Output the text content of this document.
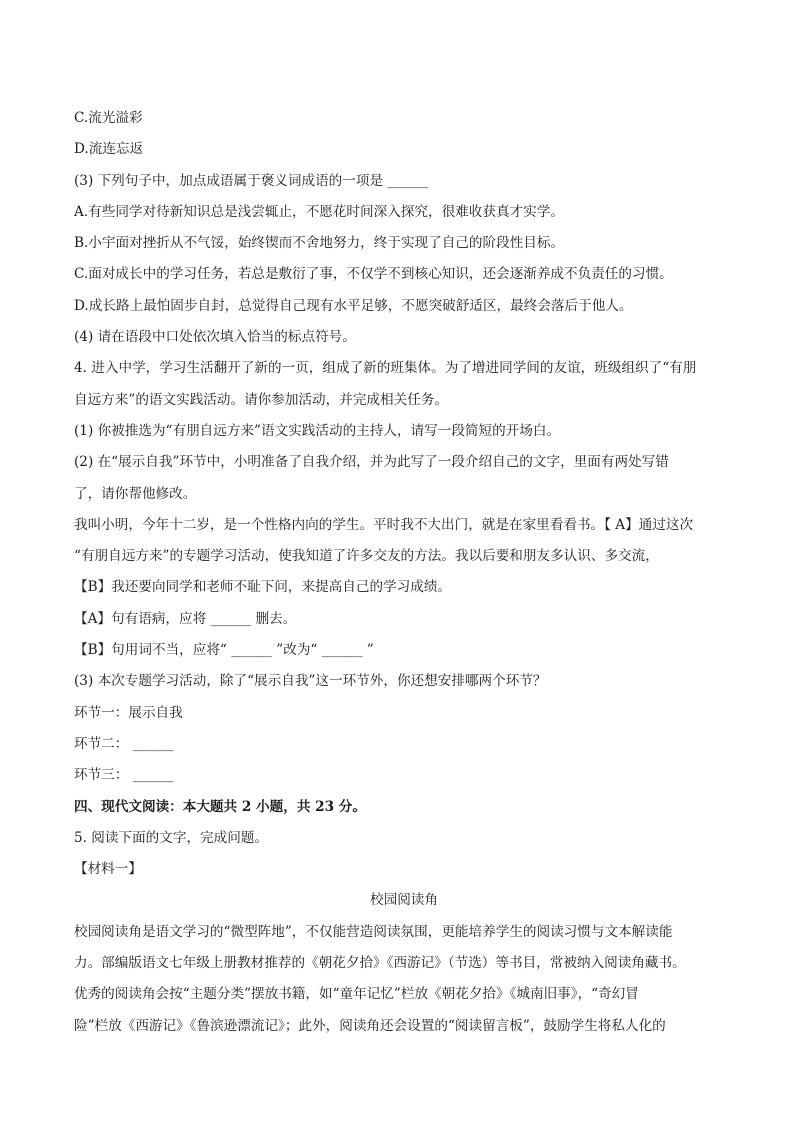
C.流光溢彩
D.流连忘返
(3) 下列句子中，加点成语属于褒义词成语的一项是 ______
A.有些同学对待新知识总是浅尝辄止，不愿花时间深入探究，很难收获真才实学。
B.小宇面对挫折从不气馁，始终锲而不舍地努力，终于实现了自己的阶段性目标。
C.面对成长中的学习任务，若总是敷衍了事，不仅学不到核心知识，还会逐渐养成不负责任的习惯。
D.成长路上最怕固步自封，总觉得自己现有水平足够，不愿突破舒适区，最终会落后于他人。
(4) 请在语段中口处依次填入恰当的标点符号。
4. 进入中学，学习生活翻开了新的一页，组成了新的班集体。为了增进同学间的友谊，班级组织了“有朋
自远方来”的语文实践活动。请你参加活动，并完成相关任务。
(1) 你被推选为“有朋自远方来”语文实践活动的主持人，请写一段简短的开场白。
(2) 在“展示自我”环节中，小明准备了自我介绍，并为此写了一段介绍自己的文字，里面有两处写错
了，请你帮他修改。
我叫小明，今年十二岁，是一个性格内向的学生。平时我不大出门，就是在家里看看书。【 A】通过这次
“有朋自远方来”的专题学习活动，使我知道了许多交友的方法。我以后要和朋友多认识、多交流，
【B】我还要向同学和老师不耻下问，来提高自己的学习成绩。
【A】句有语病，应将 ______ 删去。
【B】句用词不当，应将“ ______ ”改为“ ______ ”
(3) 本次专题学习活动，除了“展示自我”这一环节外，你还想安排哪两个环节？
环节一：展示自我
环节二： ______
环节三： ______
四、现代文阅读：本大题共 2 小题，共 23 分。
5. 阅读下面的文字，完成问题。
【材料一】
校园阅读角
校园阅读角是语文学习的“微型阵地”，不仅能营造阅读氛围，更能培养学生的阅读习惯与文本解读能
力。部编版语文七年级上册教材推荐的《朝花夕拾》《西游记》（节选）等书目，常被纳入阅读角藏书。
优秀的阅读角会按“主题分类”摆放书籍，如“童年记忆”栏放《朝花夕拾》《城南旧事》，“奇幻冒
险”栏放《西游记》《鲁滨逊漂流记》；此外，阅读角还会设置的“阅读留言板”，鼓励学生将私人化的
